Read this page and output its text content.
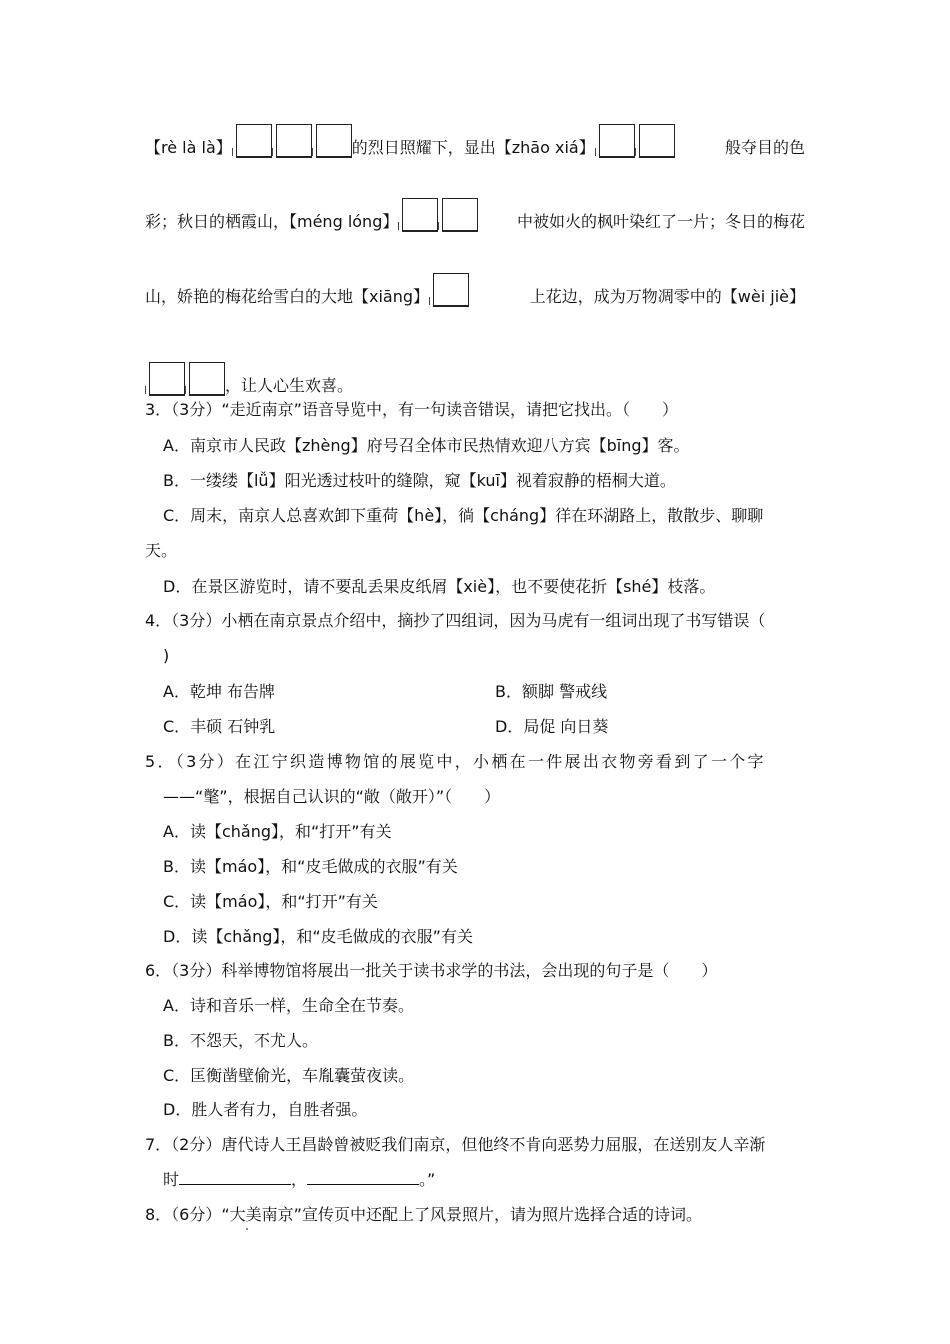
【rè là là】	的烈日照耀下，显出【zhāo xiá】	般夺目的色
彩；秋日的栖霞山，【méng lóng】	中被如火的枫叶染红了一片；冬日的梅花
山，娇艳的梅花给雪白的大地【xiāng】	上花边，成为万物凋零中的【wèi jiè】
，让人心生欢喜。
3．（3分）“走近南京”语音导览中，有一句读音错误，请把它找出。（　　）
A．南京市人民政【zhèng】府号召全体市民热情欢迎八方宾【bīng】客。
B．一缕缕【lǚ】阳光透过枝叶的缝隙，窥【kuī】视着寂静的梧桐大道。
C．周末，南京人总喜欢卸下重荷【hè】，徜【cháng】徉在环湖路上，散散步、聊聊
天。
D．在景区游览时，请不要乱丢果皮纸屑【xiè】，也不要使花折【shé】枝落。
4．（3分）小栖在南京景点介绍中，摘抄了四组词，因为马虎有一组词出现了书写错误（
)
A．乾坤 布告牌	B．额脚 警戒线
C．丰硕 石钟乳	D．局促 向日葵
5．（3分）在江宁织造博物馆的展览中，小栖在一件展出衣物旁看到了一个字
——“氅”，根据自己认识的“敞（敞开）”（　　）
A．读【chǎng】，和“打开”有关
B．读【máo】，和“皮毛做成的衣服”有关
C．读【máo】，和“打开”有关
D．读【chǎng】，和“皮毛做成的衣服”有关
6．（3分）科举博物馆将展出一批关于读书求学的书法，会出现的句子是（　　）
A．诗和音乐一样，生命全在节奏。
B．不怨天，不尤人。
C．匡衡凿壁偷光，车胤囊萤夜读。
D．胜人者有力，自胜者强。
7．（2分）唐代诗人王昌龄曾被贬我们南京，但他终不肯向恶势力屈服，在送别友人辛渐
时	，	。”
8．（6分）“大美南京”宣传页中还配上了风景照片，请为照片选择合适的诗词。
